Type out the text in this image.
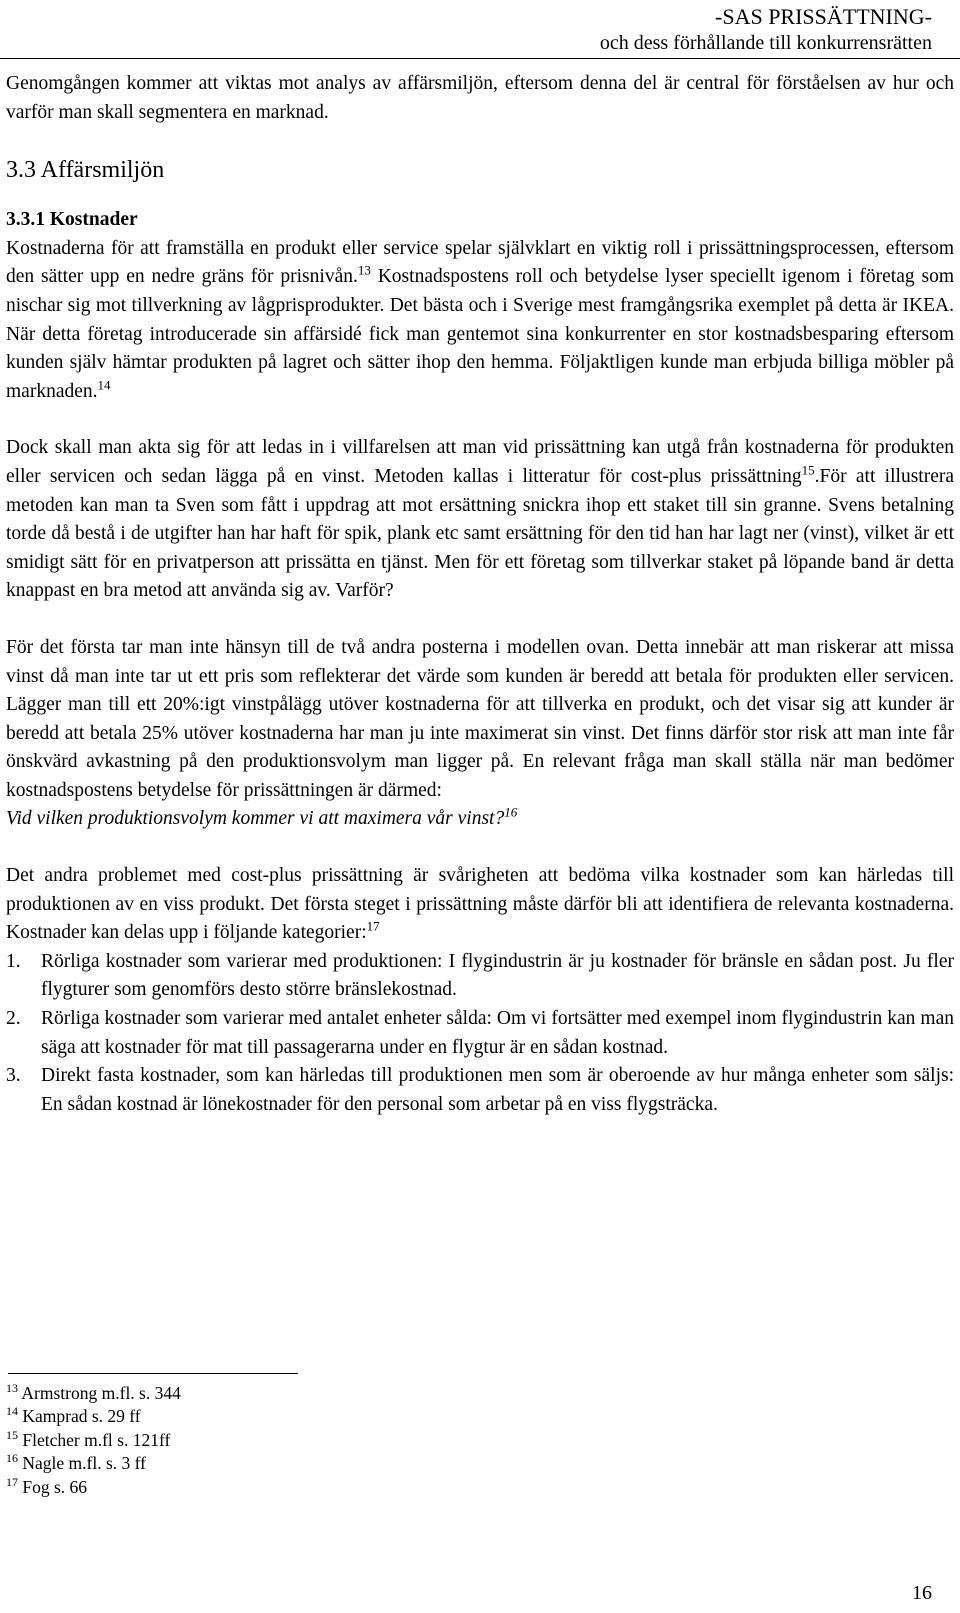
-SAS PRISSÄTTNING-
och dess förhållande till konkurrensrätten

Genomgången kommer att viktas mot analys av affärsmiljön, eftersom denna del är central för förståelsen av hur och varför man skall segmentera en marknad.

3.3 Affärsmiljön
3.3.1 Kostnader

Kostnaderna för att framställa en produkt eller service spelar självklart en viktig roll i prissättningsprocessen, eftersom den sätter upp en nedre gräns för prisnivån.$^{13}$ Kostnadspostens roll och betydelse lyser speciellt igenom i företag som nischar sig mot tillverkning av lågprisprodukter. Det bästa och i Sverige mest framgångsrika exemplet på detta är IKEA. När detta företag introducerade sin affärsidé fick man gentemot sina konkurrenter en stor kostnadsbesparing eftersom kunden själv hämtar produkten på lagret och sätter ihop den hemma. Följaktligen kunde man erbjuda billiga möbler på marknaden.$^{14}$

Dock skall man akta sig för att ledas in i villfarelsen att man vid prissättning kan utgå från kostnaderna för produkten eller servicen och sedan lägga på en vinst. Metoden kallas i litteratur för cost-plus prissättning$^{15}$.För att illustrera metoden kan man ta Sven som fått i uppdrag att mot ersättning snickra ihop ett staket till sin granne. Svens betalning torde då bestå i de utgifter han har haft för spik, plank etc samt ersättning för den tid han har lagt ner (vinst), vilket är ett smidigt sätt för en privatperson att prissätta en tjänst. Men för ett företag som tillverkar staket på löpande band är detta knappast en bra metod att använda sig av. Varför?

För det första tar man inte hänsyn till de två andra posterna i modellen ovan. Detta innebär att man riskerar att missa vinst då man inte tar ut ett pris som reflekterar det värde som kunden är beredd att betala för produkten eller servicen. Lägger man till ett 20%:igt vinstpålägg utöver kostnaderna för att tillverka en produkt, och det visar sig att kunder är beredd att betala 25% utöver kostnaderna har man ju inte maximerat sin vinst. Det finns därför stor risk att man inte får önskvärd avkastning på den produktionsvolym man ligger på. En relevant fråga man skall ställa när man bedömer kostnadspostens betydelse för prissättningen är därmed:
Vid vilken produktionsvolym kommer vi att maximera vår vinst?$^{16}$

Det andra problemet med cost-plus prissättning är svårigheten att bedöma vilka kostnader som kan härledas till produktionen av en viss produkt. Det första steget i prissättning måste därför bli att identifiera de relevanta kostnaderna. Kostnader kan delas upp i följande kategorier:$^{17}$

1. Rörliga kostnader som varierar med produktionen: I flygindustrin är ju kostnader för bränsle en sådan post. Ju fler flygturer som genomförs desto större bränslekostnad.
2. Rörliga kostnader som varierar med antalet enheter sålda: Om vi fortsätter med exempel inom flygindustrin kan man säga att kostnader för mat till passagerarna under en flygtur är en sådan kostnad.
3. Direkt fasta kostnader, som kan härledas till produktionen men som är oberoende av hur många enheter som säljs: En sådan kostnad är lönekostnader för den personal som arbetar på en viss flygsträcka.
$^{13}$ Armstrong m.fl. s. 344
$^{14}$ Kamprad s. 29 ff
$^{15}$ Fletcher m.fl s. 121ff
$^{16}$ Nagle m.fl. s. 3 ff
$^{17}$ Fog s. 66
16
